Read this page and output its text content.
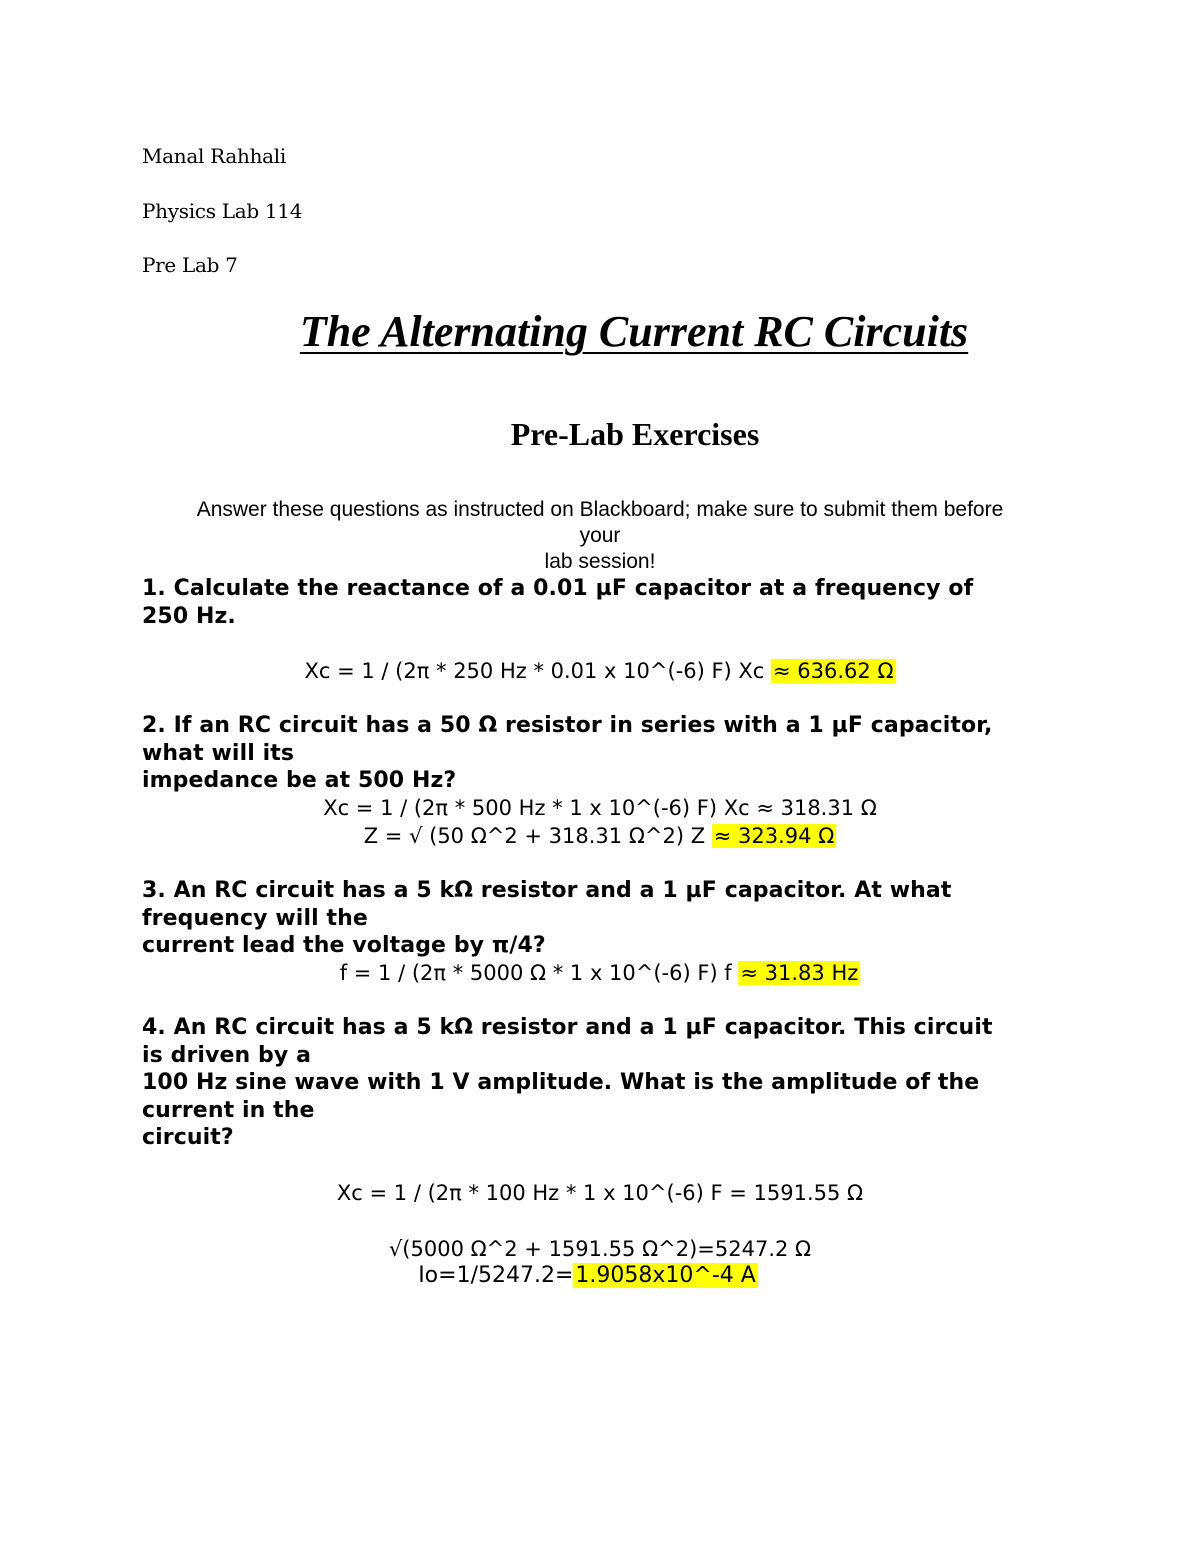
Manal Rahhali
Physics Lab 114
Pre Lab 7
The Alternating Current RC Circuits
Pre-Lab Exercises
Answer these questions as instructed on Blackboard; make sure to submit them before
your
lab session!
1. Calculate the reactance of a 0.01 µF capacitor at a frequency of
250 Hz.
Xc = 1 / (2π * 250 Hz * 0.01 x 10^(-6) F) Xc ≈ 636.62 Ω
2. If an RC circuit has a 50 Ω resistor in series with a 1 µF capacitor,
what will its
impedance be at 500 Hz?
Xc = 1 / (2π * 500 Hz * 1 x 10^(-6) F) Xc ≈ 318.31 Ω
Z = √ (50 Ω^2 + 318.31 Ω^2) Z ≈ 323.94 Ω
3. An RC circuit has a 5 kΩ resistor and a 1 µF capacitor. At what
frequency will the
current lead the voltage by π/4?
f = 1 / (2π * 5000 Ω * 1 x 10^(-6) F) f ≈ 31.83 Hz
4. An RC circuit has a 5 kΩ resistor and a 1 µF capacitor. This circuit
is driven by a
100 Hz sine wave with 1 V amplitude. What is the amplitude of the
current in the
circuit?
Xc = 1 / (2π * 100 Hz * 1 x 10^(-6) F = 1591.55 Ω
√(5000 Ω^2 + 1591.55 Ω^2)=5247.2 Ω
Io=1/5247.2=1.9058x10^-4 A
